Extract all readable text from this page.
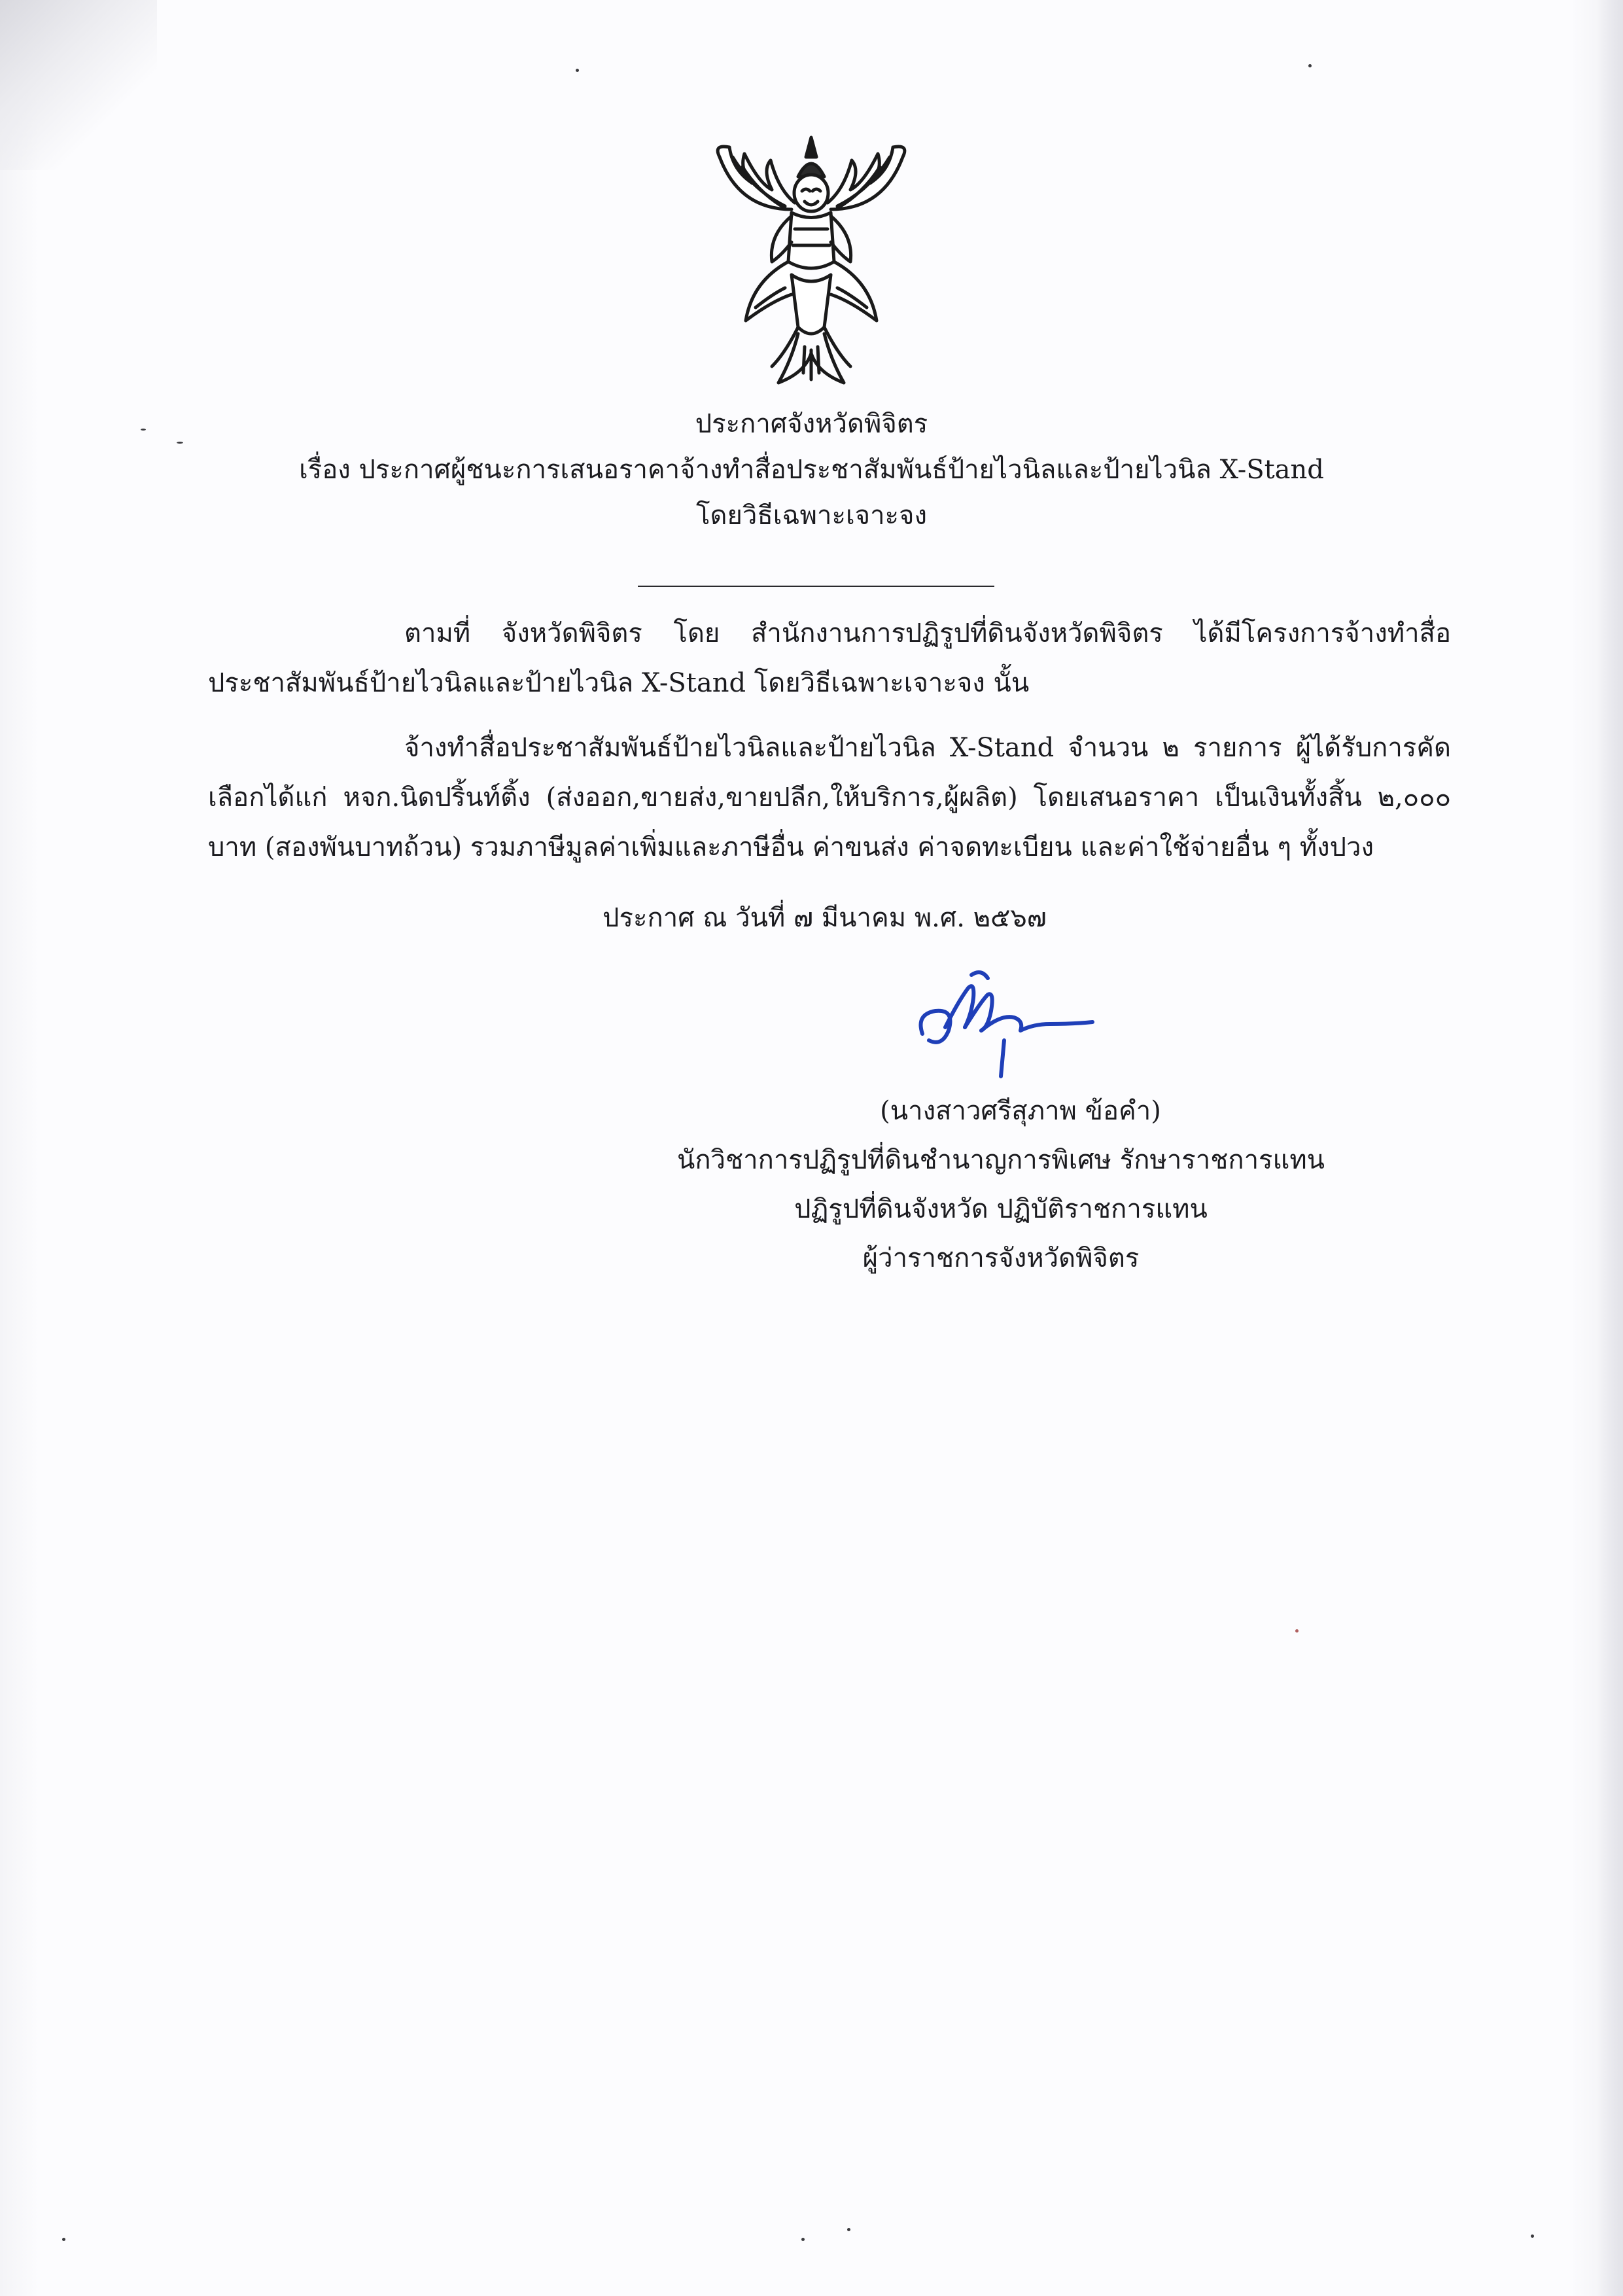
ประกาศจังหวัดพิจิตร
เรื่อง ประกาศผู้ชนะการเสนอราคาจ้างทำสื่อประชาสัมพันธ์ป้ายไวนิลและป้ายไวนิล X-Stand
โดยวิธีเฉพาะเจาะจง
ตามที่ จังหวัดพิจิตร โดย สำนักงานการปฏิรูปที่ดินจังหวัดพิจิตร ได้มีโครงการจ้างทำสื่อประชาสัมพันธ์ป้ายไวนิลและป้ายไวนิล X-Stand โดยวิธีเฉพาะเจาะจง นั้น
จ้างทำสื่อประชาสัมพันธ์ป้ายไวนิลและป้ายไวนิล X-Stand จำนวน ๒ รายการ ผู้ได้รับการคัดเลือกได้แก่ หจก.นิดปริ้นท์ติ้ง (ส่งออก,ขายส่ง,ขายปลีก,ให้บริการ,ผู้ผลิต) โดยเสนอราคา เป็นเงินทั้งสิ้น ๒,๐๐๐ บาท (สองพันบาทถ้วน) รวมภาษีมูลค่าเพิ่มและภาษีอื่น ค่าขนส่ง ค่าจดทะเบียน และค่าใช้จ่ายอื่น ๆ ทั้งปวง
ประกาศ ณ วันที่ ๗ มีนาคม พ.ศ. ๒๕๖๗
(นางสาวศรีสุภาพ ข้อคำ)
นักวิชาการปฏิรูปที่ดินชำนาญการพิเศษ รักษาราชการแทน
ปฏิรูปที่ดินจังหวัด ปฏิบัติราชการแทน
ผู้ว่าราชการจังหวัดพิจิตร
